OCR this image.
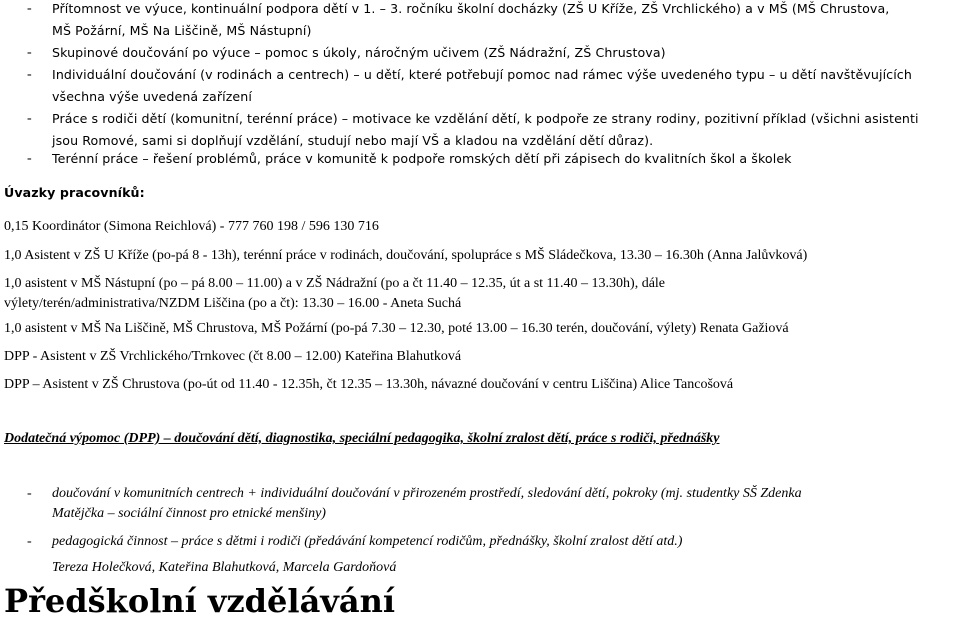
- Přítomnost ve výuce, kontinuální podpora dětí v 1. – 3. ročníku školní docházky (ZŠ U Kříže, ZŠ Vrchlického) a v MŠ (MŠ Chrustova,
MŠ Požární, MŠ Na Liščině, MŠ Nástupní)
- Skupinové doučování po výuce – pomoc s úkoly, náročným učivem (ZŠ Nádražní, ZŠ Chrustova)
- Individuální doučování (v rodinách a centrech) – u dětí, které potřebují pomoc nad rámec výše uvedeného typu – u dětí navštěvujících
všechna výše uvedená zařízení
- Práce s rodiči dětí (komunitní, terénní práce) – motivace ke vzdělání dětí, k podpoře ze strany rodiny, pozitivní příklad (všichni asistenti
jsou Romové, sami si doplňují vzdělání, studují nebo mají VŠ a kladou na vzdělání dětí důraz).
- Terénní práce – řešení problémů, práce v komunitě k podpoře romských dětí při zápisech do kvalitních škol a školek
Úvazky pracovníků:
0,15 Koordinátor (Simona Reichlová) - 777 760 198 / 596 130 716
1,0 Asistent v ZŠ U Kříže (po-pá 8 - 13h), terénní práce v rodinách, doučování, spolupráce s MŠ Sládečkova, 13.30 – 16.30h (Anna Jalůvková)
1,0 asistent v MŠ Nástupní (po – pá 8.00 – 11.00) a v ZŠ Nádražní (po a čt 11.40 – 12.35, út a st 11.40 – 13.30h), dále
výlety/terén/administrativa/NZDM Liščina (po a čt): 13.30 – 16.00 - Aneta Suchá
1,0 asistent v MŠ Na Liščině, MŠ Chrustova, MŠ Požární (po-pá 7.30 – 12.30, poté 13.00 – 16.30 terén, doučování, výlety) Renata Gažiová
DPP - Asistent v ZŠ Vrchlického/Trnkovec (čt 8.00 – 12.00) Kateřina Blahutková
DPP – Asistent v ZŠ Chrustova (po-út od 11.40 - 12.35h, čt 12.35 – 13.30h, návazné doučování v centru Liščina) Alice Tancošová
Dodatečná výpomoc (DPP) – doučování dětí, diagnostika, speciální pedagogika, školní zralost dětí, práce s rodiči, přednášky
- doučování v komunitních centrech + individuální doučování v přirozeném prostředí, sledování dětí, pokroky (mj. studentky SŠ Zdenka
Matějčka – sociální činnost pro etnické menšiny)
- pedagogická činnost – práce s dětmi i rodiči (předávání kompetencí rodičům, přednášky, školní zralost dětí atd.)
Tereza Holečková, Kateřina Blahutková, Marcela Gardoňová
Předškolní vzdělávání
